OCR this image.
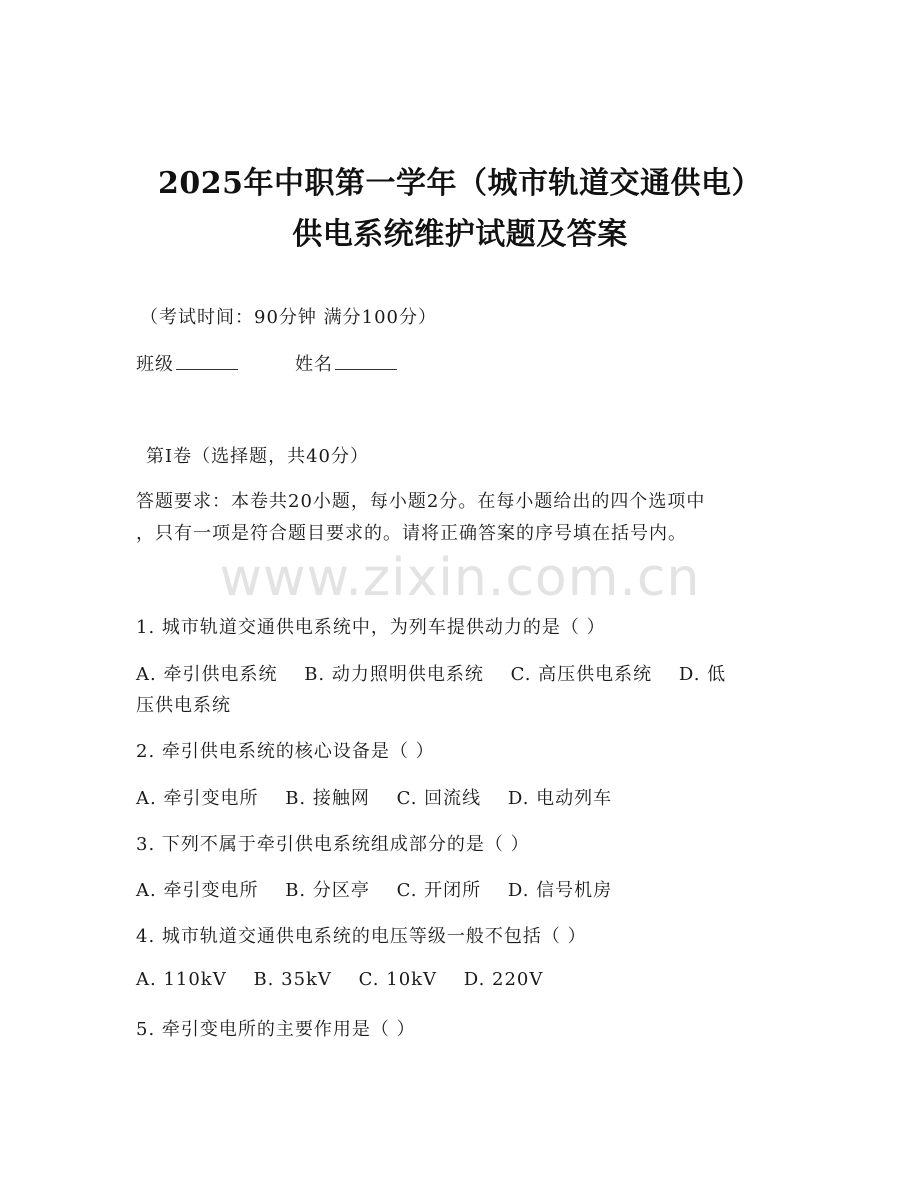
2025年中职第一学年（城市轨道交通供电）
供电系统维护试题及答案
（考试时间：90分钟 满分100分）
班级	姓名
第I卷（选择题，共40分）
答题要求：本卷共20小题，每小题2分。在每小题给出的四个选项中
，只有一项是符合题目要求的。请将正确答案的序号填在括号内。
www.zixin.com.cn
1. 城市轨道交通供电系统中，为列车提供动力的是（ ）
A. 牵引供电系统 B. 动力照明供电系统 C. 高压供电系统 D. 低
压供电系统
2. 牵引供电系统的核心设备是（ ）
A. 牵引变电所 B. 接触网 C. 回流线 D. 电动列车
3. 下列不属于牵引供电系统组成部分的是（ ）
A. 牵引变电所 B. 分区亭 C. 开闭所 D. 信号机房
4. 城市轨道交通供电系统的电压等级一般不包括（ ）
A. 110kV B. 35kV C. 10kV D. 220V
5. 牵引变电所的主要作用是（ ）
